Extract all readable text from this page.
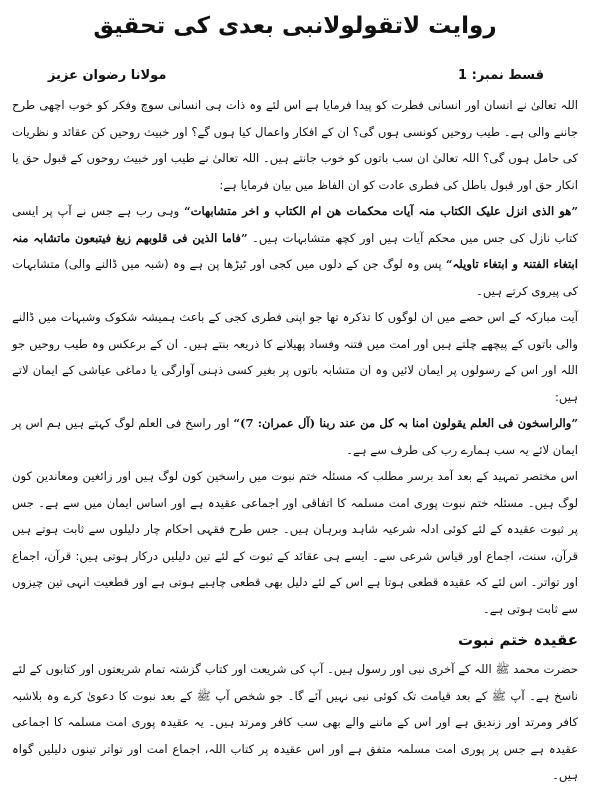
روایت لاتقولولانبی بعدی کی تحقیق
قسط نمبر: 1
مولانا رضوان عزیز

اللہ تعالیٰ نے انسان اور انسانی فطرت کو پیدا فرمایا ہے اس لئے وہ ذات ہی انسانی سوچ وفکر کو خوب اچھی طرح جاننے والی ہے۔ طیب روحیں کونسی ہوں گی؟ ان کے افکار واعمال کیا ہوں گے؟ اور خبیث روحیں کن عقائد و نظریات کی حامل ہوں گی؟ اللہ تعالیٰ ان سب باتوں کو خوب جانتے ہیں۔ اللہ تعالیٰ نے طیب اور خبیث روحوں کے قبول حق یا انکار حق اور قبول باطل کی فطری عادت کو ان الفاظ میں بیان فرمایا ہے:

”ھو الذی انزل علیک الکتاب منہ آیات محکمات ھن ام الکتاب و اخر متشابھات“ وہی رب ہے جس نے آپ پر ایسی کتاب نازل کی جس میں محکم آیات ہیں اور کچھ متشابہات ہیں۔ ”فاما الذین فی قلوبھم زیغ فیتبعون ماتشابہ منہ ابتغاء الفتنۃ و ابتغاء تاویلہ“ پس وہ لوگ جن کے دلوں میں کجی اور ٹیڑھا پن ہے وہ (شبہ میں ڈالنے والی) متشابہات کی پیروی کرتے ہیں۔

آیت مبارکہ کے اس حصے میں ان لوگوں کا تذکرہ تھا جو اپنی فطری کجی کے باعث ہمیشہ شکوک وشبہات میں ڈالنے والی باتوں کے پیچھے چلتے ہیں اور امت میں فتنہ وفساد پھیلانے کا ذریعہ بنتے ہیں۔ ان کے برعکس وہ طیب روحیں جو اللہ اور اس کے رسولوں پر ایمان لائیں وہ ان متشابہ باتوں پر بغیر کسی ذہنی آوارگی یا دماغی عیاشی کے ایمان لاتے ہیں:

”والراسخون فی العلم یقولون امنا بہ کل من عند ربنا (آل عمران: 7)“ اور راسخ فی العلم لوگ کہتے ہیں ہم اس پر ایمان لائے یہ سب ہمارے رب کی طرف سے ہے۔

اس مختصر تمہید کے بعد آمد برسر مطلب کہ مسئلہ ختم نبوت میں راسخین کون لوگ ہیں اور زائغین ومعاندین کون لوگ ہیں۔ مسئلہ ختم نبوت پوری امت مسلمہ کا اتفاقی اور اجماعی عقیدہ ہے اور اساس ایمان میں سے ہے۔ جس پر ثبوت عقیدہ کے لئے کوئی ادلہ شرعیہ شاہد وبرہان ہیں۔ جس طرح فقہی احکام چار دلیلوں سے ثابت ہوتے ہیں قرآن، سنت، اجماع اور قیاس شرعی سے۔ ایسے ہی عقائد کے ثبوت کے لئے تین دلیلیں درکار ہوتی ہیں: قرآن، اجماع اور تواتر۔ اس لئے کہ عقیدہ قطعی ہوتا ہے اس کے لئے دلیل بھی قطعی چاہیے ہوتی ہے اور قطعیت انہی تین چیزوں سے ثابت ہوتی ہے۔

عقیدہ ختم نبوت

حضرت محمد ﷺ اللہ کے آخری نبی اور رسول ہیں۔ آپ کی شریعت اور کتاب گزشتہ تمام شریعتوں اور کتابوں کے لئے ناسخ ہے۔ آپ ﷺ کے بعد قیامت تک کوئی نبی نہیں آئے گا۔ جو شخص آپ ﷺ کے بعد نبوت کا دعویٰ کرے وہ بلاشبہ کافر ومرتد اور زندیق ہے اور اس کے ماننے والے بھی سب کافر ومرتد ہیں۔ یہ عقیدہ پوری امت مسلمہ کا اجماعی عقیدہ ہے جس پر پوری امت مسلمہ متفق ہے اور اس عقیدہ پر کتاب اللہ، اجماع امت اور تواتر تینوں دلیلیں گواہ ہیں۔
